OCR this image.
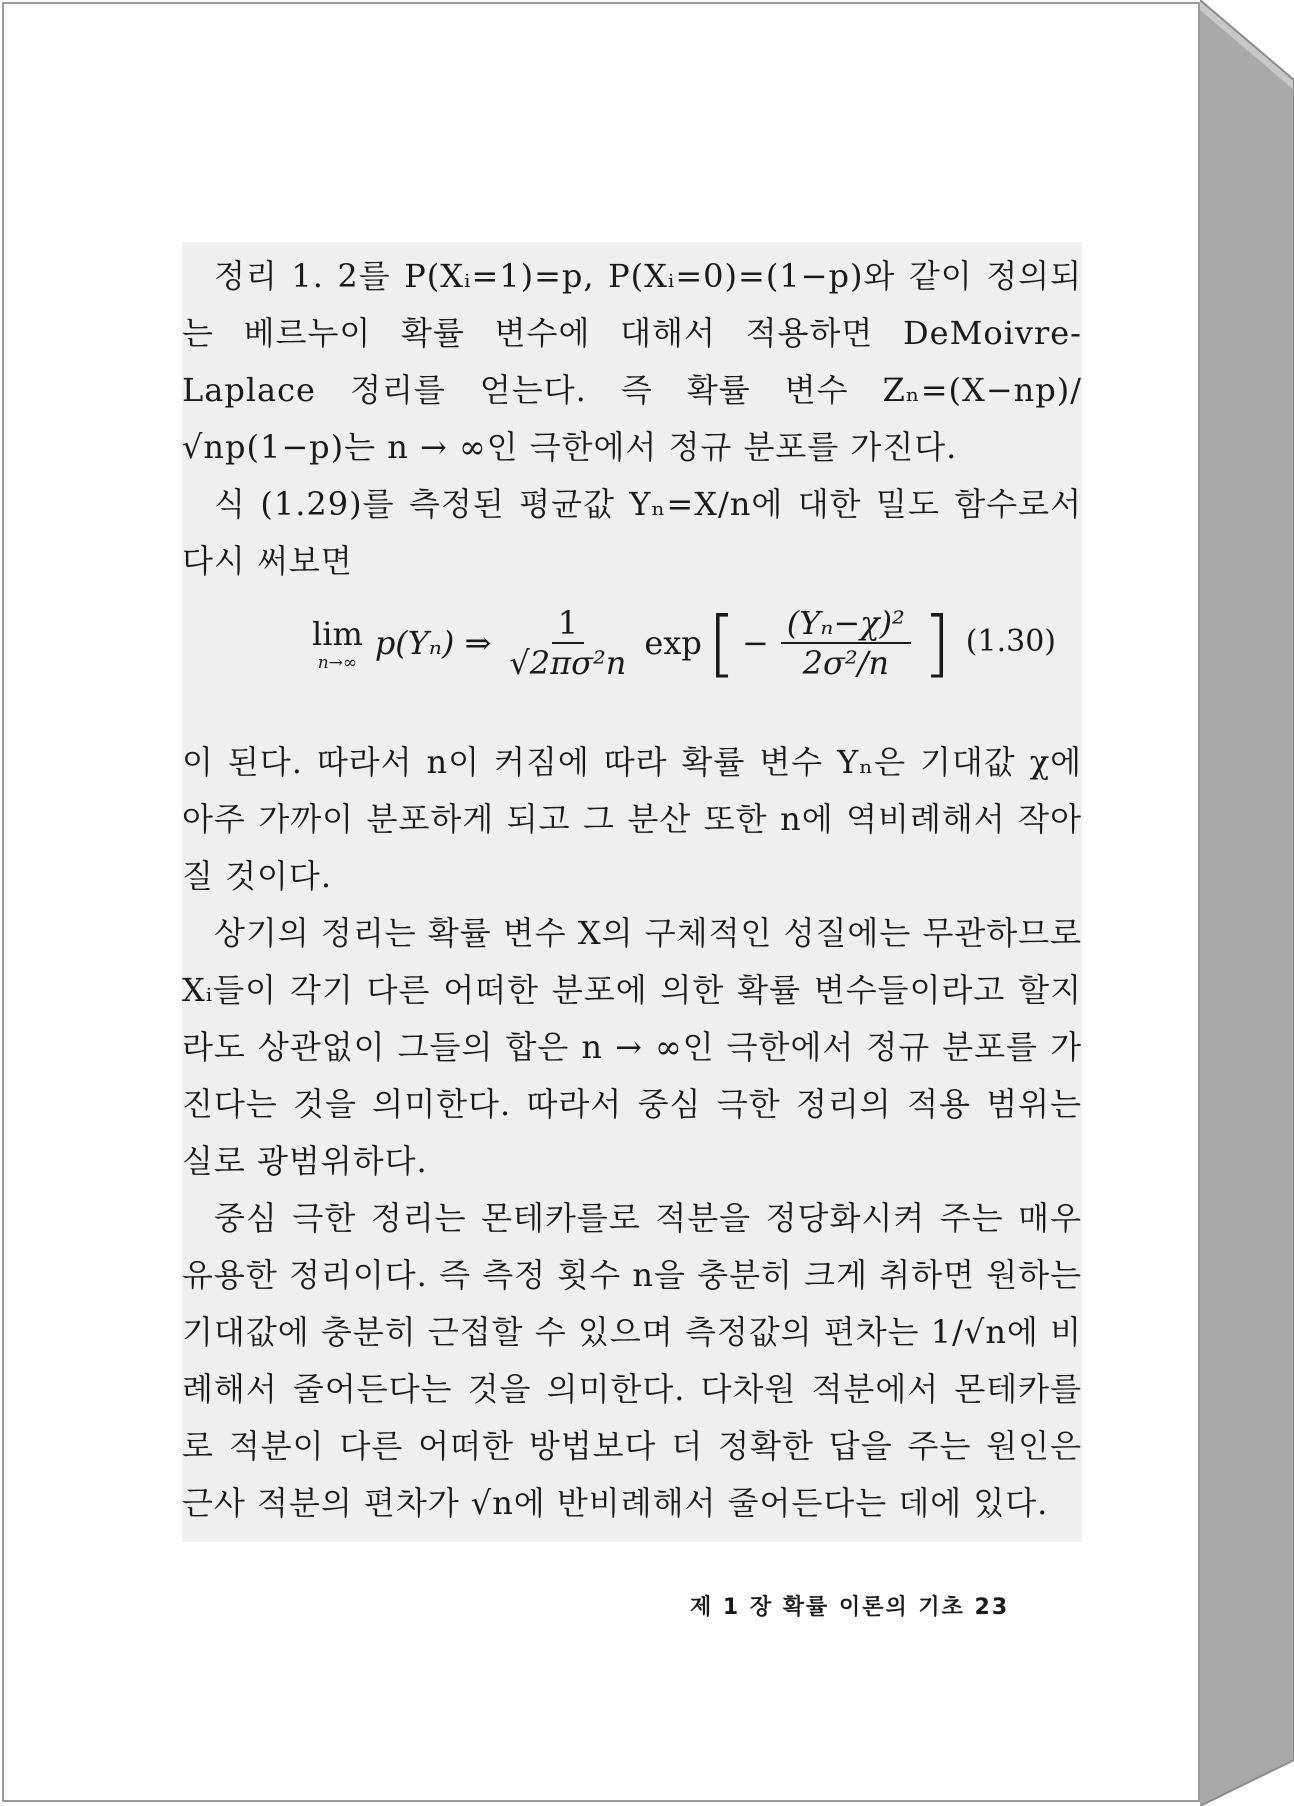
정리 1. 2를 P(Xᵢ=1)=p, P(Xᵢ=0)=(1−p)와 같이 정의되는 베르누이 확률 변수에 대해서 적용하면 DeMoivre-Laplace 정리를 얻는다. 즉 확률 변수 Zₙ=(X−np)/√np(1−p)는 n → ∞인 극한에서 정규 분포를 가진다.

식 (1.29)를 측정된 평균값 Yₙ=X/n에 대한 밀도 함수로서 다시 써보면

lim
n→∞
p(Yₙ) ⇒ $\frac{1}{\text{√2πσ²n}}$ exp [ − $\frac{\text{(Yₙ−χ)²}}{\text{2σ²/n}}$ ] (1.30)

이 된다. 따라서 n이 커짐에 따라 확률 변수 Yₙ은 기대값 χ에 아주 가까이 분포하게 되고 그 분산 또한 n에 역비례해서 작아질 것이다.

상기의 정리는 확률 변수 X의 구체적인 성질에는 무관하므로 Xᵢ들이 각기 다른 어떠한 분포에 의한 확률 변수들이라고 할지라도 상관없이 그들의 합은 n → ∞인 극한에서 정규 분포를 가진다는 것을 의미한다. 따라서 중심 극한 정리의 적용 범위는 실로 광범위하다.

중심 극한 정리는 몬테카를로 적분을 정당화시켜 주는 매우 유용한 정리이다. 즉 측정 횟수 n을 충분히 크게 취하면 원하는 기대값에 충분히 근접할 수 있으며 측정값의 편차는 1/√n에 비례해서 줄어든다는 것을 의미한다. 다차원 적분에서 몬테카를로 적분이 다른 어떠한 방법보다 더 정확한 답을 주는 원인은 근사 적분의 편차가 √n에 반비례해서 줄어든다는 데에 있다.

제 1 장 확률 이론의 기초 23
